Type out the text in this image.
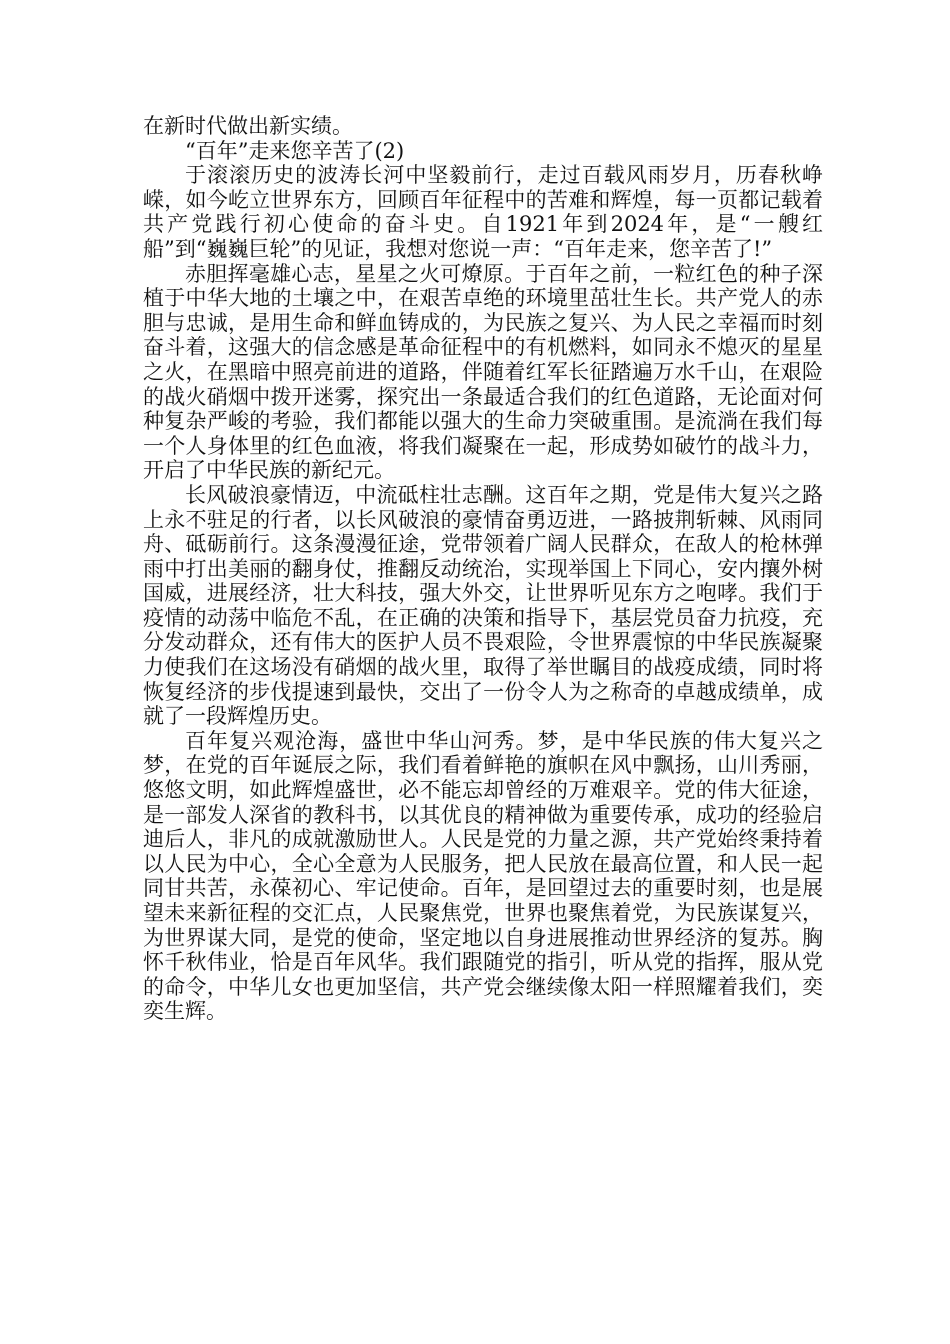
在新时代做出新实绩。

“百年”走来您辛苦了(2)

于滚滚历史的波涛长河中坚毅前行，走过百载风雨岁月，历春秋峥嵘，如今屹立世界东方，回顾百年征程中的苦难和辉煌，每一页都记载着共产党践行初心使命的奋斗史。自1921年到2024年，是“一艘红船”到“巍巍巨轮”的见证，我想对您说一声：“百年走来，您辛苦了!”

赤胆挥毫雄心志，星星之火可燎原。于百年之前，一粒红色的种子深植于中华大地的土壤之中，在艰苦卓绝的环境里茁壮生长。共产党人的赤胆与忠诚，是用生命和鲜血铸成的，为民族之复兴、为人民之幸福而时刻奋斗着，这强大的信念感是革命征程中的有机燃料，如同永不熄灭的星星之火，在黑暗中照亮前进的道路，伴随着红军长征踏遍万水千山，在艰险的战火硝烟中拨开迷雾，探究出一条最适合我们的红色道路，无论面对何种复杂严峻的考验，我们都能以强大的生命力突破重围。是流淌在我们每一个人身体里的红色血液，将我们凝聚在一起，形成势如破竹的战斗力，开启了中华民族的新纪元。

长风破浪豪情迈，中流砥柱壮志酬。这百年之期，党是伟大复兴之路上永不驻足的行者，以长风破浪的豪情奋勇迈进，一路披荆斩棘、风雨同舟、砥砺前行。这条漫漫征途，党带领着广阔人民群众，在敌人的枪林弹雨中打出美丽的翻身仗，推翻反动统治，实现举国上下同心，安内攘外树国威，进展经济，壮大科技，强大外交，让世界听见东方之咆哮。我们于疫情的动荡中临危不乱，在正确的决策和指导下，基层党员奋力抗疫，充分发动群众，还有伟大的医护人员不畏艰险，令世界震惊的中华民族凝聚力使我们在这场没有硝烟的战火里，取得了举世瞩目的战疫成绩，同时将恢复经济的步伐提速到最快，交出了一份令人为之称奇的卓越成绩单，成就了一段辉煌历史。

百年复兴观沧海，盛世中华山河秀。梦，是中华民族的伟大复兴之梦，在党的百年诞辰之际，我们看着鲜艳的旗帜在风中飘扬，山川秀丽，悠悠文明，如此辉煌盛世，必不能忘却曾经的万难艰辛。党的伟大征途，是一部发人深省的教科书，以其优良的精神做为重要传承，成功的经验启迪后人，非凡的成就激励世人。人民是党的力量之源，共产党始终秉持着以人民为中心，全心全意为人民服务，把人民放在最高位置，和人民一起同甘共苦，永葆初心、牢记使命。百年，是回望过去的重要时刻，也是展望未来新征程的交汇点，人民聚焦党，世界也聚焦着党，为民族谋复兴，为世界谋大同，是党的使命，坚定地以自身进展推动世界经济的复苏。胸怀千秋伟业，恰是百年风华。我们跟随党的指引，听从党的指挥，服从党的命令，中华儿女也更加坚信，共产党会继续像太阳一样照耀着我们，奕奕生辉。
